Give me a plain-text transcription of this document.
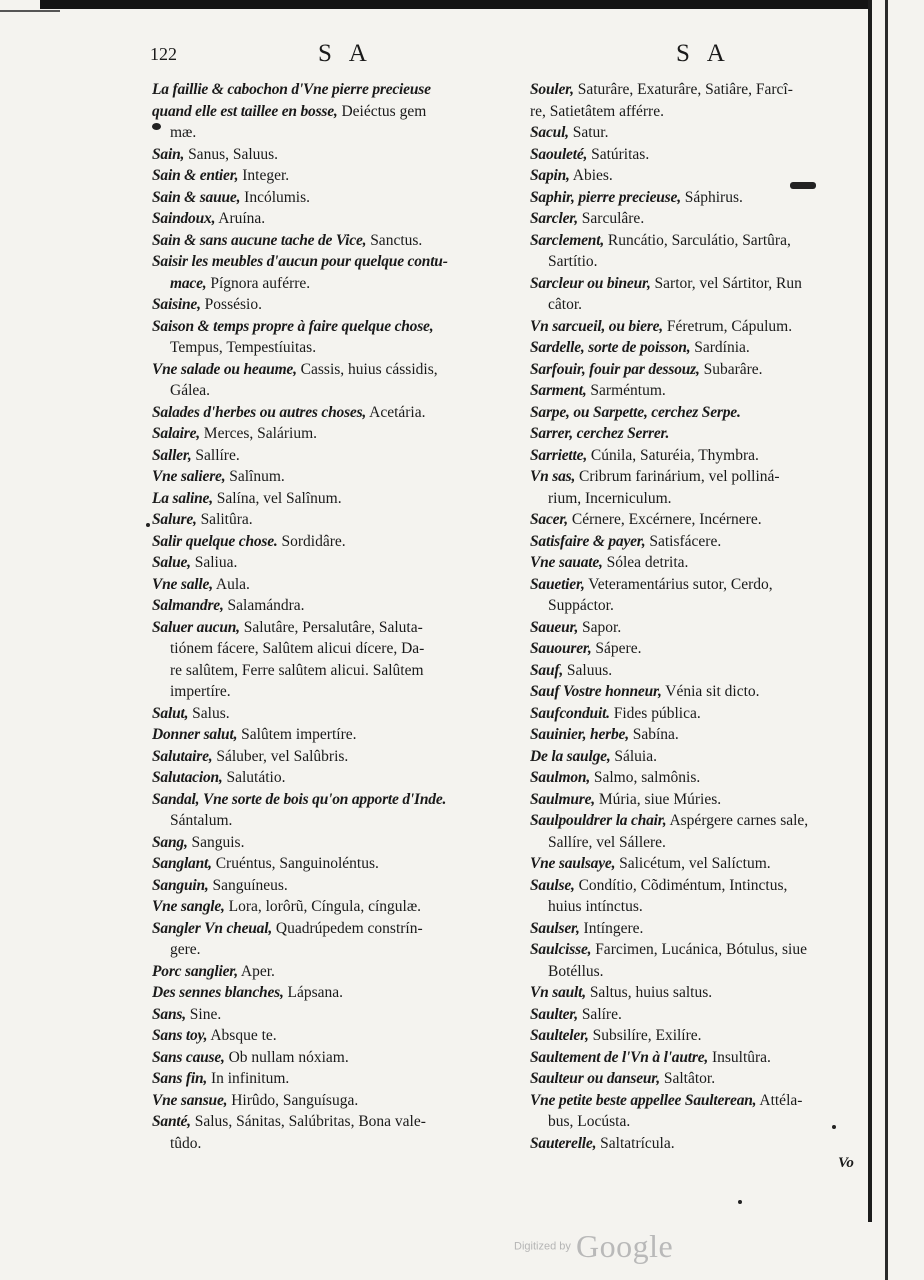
122	S A	S A
La faillie & cabochon d'Vne pierre precieuse
quand elle est taillee en bosse, Deiéctus gem
mæ.
Sain, Sanus, Saluus.
Sain & entier, Integer.
Sain & sauue, Incólumis.
Saindoux, Aruína.
Sain & sans aucune tache de Vice, Sanctus.
Saisir les meubles d'aucun pour quelque contu-
mace, Pígnora auférre.
Saisine, Possésio.
Saison & temps propre à faire quelque chose,
Tempus, Tempestíuitas.
Vne salade ou heaume, Cassis, huius cássidis,
Gálea.
Salades d'herbes ou autres choses, Acetária.
Salaire, Merces, Salárium.
Saller, Sallíre.
Vne saliere, Salînum.
La saline, Salína, vel Salînum.
Salure, Salitûra.
Salir quelque chose. Sordidâre.
Salue, Saliua.
Vne salle, Aula.
Salmandre, Salamándra.
Saluer aucun, Salutâre, Persalutâre, Saluta-
tiónem fácere, Salûtem alicui dícere, Da-
re salûtem, Ferre salûtem alicui. Salûtem
impertíre.
Salut, Salus.
Donner salut, Salûtem impertíre.
Salutaire, Sáluber, vel Salûbris.
Salutacion, Salutátio.
Sandal, Vne sorte de bois qu'on apporte d'Inde.
Sántalum.
Sang, Sanguis.
Sanglant, Cruéntus, Sanguinoléntus.
Sanguin, Sanguíneus.
Vne sangle, Lora, lorôrũ, Cíngula, cíngulæ.
Sangler Vn cheual, Quadrúpedem constrín-
gere.
Porc sanglier, Aper.
Des sennes blanches, Lápsana.
Sans, Sine.
Sans toy, Absque te.
Sans cause, Ob nullam nóxiam.
Sans fin, In infinitum.
Vne sansue, Hirûdo, Sanguísuga.
Santé, Salus, Sánitas, Salúbritas, Bona vale-
tûdo.
Souler, Saturâre, Exaturâre, Satiâre, Farcî-
re, Satietâtem afférre.
Sacul, Satur.
Saouleté, Satúritas.
Sapin, Abies.
Saphir, pierre precieuse, Sáphirus.
Sarcler, Sarculâre.
Sarclement, Runcátio, Sarculátio, Sartûra,
Sartítio.
Sarcleur ou bineur, Sartor, vel Sártitor, Run
câtor.
Vn sarcueil, ou biere, Féretrum, Cápulum.
Sardelle, sorte de poisson, Sardínia.
Sarfouir, fouir par dessouz, Subarâre.
Sarment, Sarméntum.
Sarpe, ou Sarpette, cerchez Serpe.
Sarrer, cerchez Serrer.
Sarriette, Cúnila, Saturéia, Thymbra.
Vn sas, Cribrum farinárium, vel polliná-
rium, Incerniculum.
Sacer, Cérnere, Excérnere, Incérnere.
Satisfaire & payer, Satisfácere.
Vne sauate, Sólea detrita.
Sauetier, Veteramentárius sutor, Cerdo,
Suppáctor.
Saueur, Sapor.
Sauourer, Sápere.
Sauf, Saluus.
Sauf Vostre honneur, Vénia sit dicto.
Saufconduit. Fides pública.
Sauinier, herbe, Sabína.
De la saulge, Sáluia.
Saulmon, Salmo, salmônis.
Saulmure, Múria, siue Múries.
Saulpouldrer la chair, Aspérgere carnes sale,
Sallíre, vel Sállere.
Vne saulsaye, Salicétum, vel Salíctum.
Saulse, Condítio, Cõdiméntum, Intinctus,
huius intínctus.
Saulser, Intíngere.
Saulcisse, Farcimen, Lucánica, Bótulus, siue
Botéllus.
Vn sault, Saltus, huius saltus.
Saulter, Salíre.
Saulteler, Subsilíre, Exilíre.
Saultement de l'Vn à l'autre, Insultûra.
Saulteur ou danseur, Saltâtor.
Vne petite beste appellee Saulterean, Attéla-
bus, Locústa.
Sauterelle, Saltatrícula.
Vo
Digitized by Google
